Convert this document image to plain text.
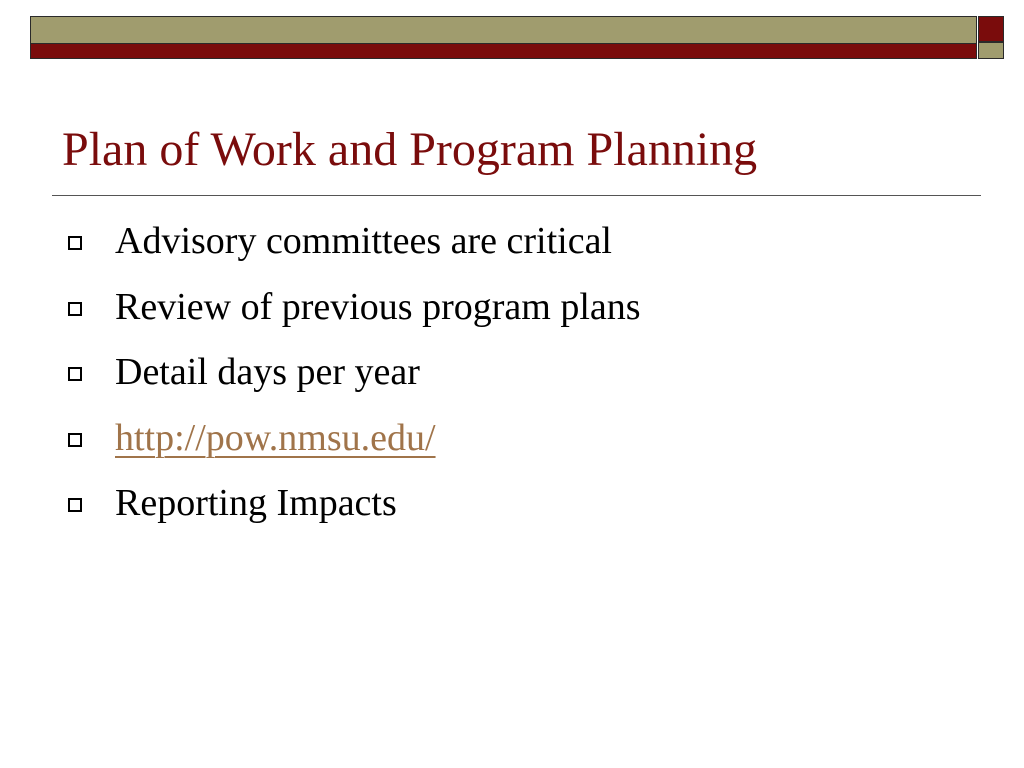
Plan of Work and Program Planning
Advisory committees are critical
Review of previous program plans
Detail days per year
http://pow.nmsu.edu/
Reporting Impacts
